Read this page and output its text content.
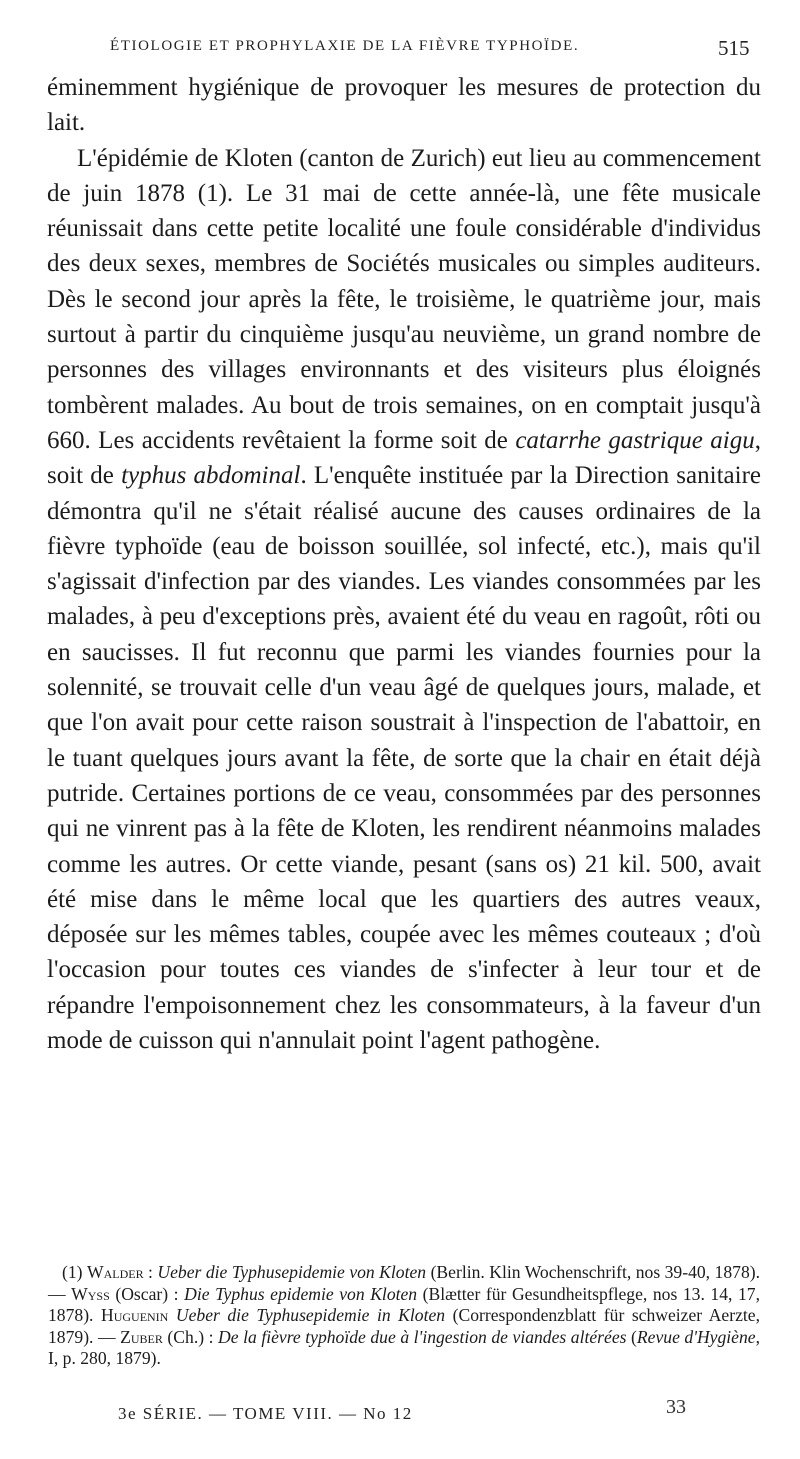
ÉTIOLOGIE ET PROPHYLAXIE DE LA FIÈVRE TYPHOÏDE.	515

éminemment hygiénique de provoquer les mesures de protection du lait.

L'épidémie de Kloten (canton de Zurich) eut lieu au commencement de juin 1878 (1). Le 31 mai de cette année-là, une fête musicale réunissait dans cette petite localité une foule considérable d'individus des deux sexes, membres de Sociétés musicales ou simples auditeurs. Dès le second jour après la fête, le troisième, le quatrième jour, mais surtout à partir du cinquième jusqu'au neuvième, un grand nombre de personnes des villages environnants et des visiteurs plus éloignés tombèrent malades. Au bout de trois semaines, on en comptait jusqu'à 660. Les accidents revêtaient la forme soit de catarrhe gastrique aigu, soit de typhus abdominal. L'enquête instituée par la Direction sanitaire démontra qu'il ne s'était réalisé aucune des causes ordinaires de la fièvre typhoïde (eau de boisson souillée, sol infecté, etc.), mais qu'il s'agissait d'infection par des viandes. Les viandes consommées par les malades, à peu d'exceptions près, avaient été du veau en ragoût, rôti ou en saucisses. Il fut reconnu que parmi les viandes fournies pour la solennité, se trouvait celle d'un veau âgé de quelques jours, malade, et que l'on avait pour cette raison soustrait à l'inspection de l'abattoir, en le tuant quelques jours avant la fête, de sorte que la chair en était déjà putride. Certaines portions de ce veau, consommées par des personnes qui ne vinrent pas à la fête de Kloten, les rendirent néanmoins malades comme les autres. Or cette viande, pesant (sans os) 21 kil. 500, avait été mise dans le même local que les quartiers des autres veaux, déposée sur les mêmes tables, coupée avec les mêmes couteaux ; d'où l'occasion pour toutes ces viandes de s'infecter à leur tour et de répandre l'empoisonnement chez les consommateurs, à la faveur d'un mode de cuisson qui n'annulait point l'agent pathogène.

(1) Walder : Ueber die Typhusepidemie von Kloten (Berlin. Klin Wochenschrift, nos 39-40, 1878). — Wyss (Oscar) : Die Typhus epidemie von Kloten (Blætter für Gesundheitspflege, nos 13. 14, 17, 1878). Huguenin Ueber die Typhusepidemie in Kloten (Correspondenzblatt für schweizer Aerzte, 1879). — Zuber (Ch.) : De la fièvre typhoïde due à l'ingestion de viandes altérées (Revue d'Hygiène, I, p. 280, 1879).

3e SÉRIE. — TOME VIII. — No 12	33
